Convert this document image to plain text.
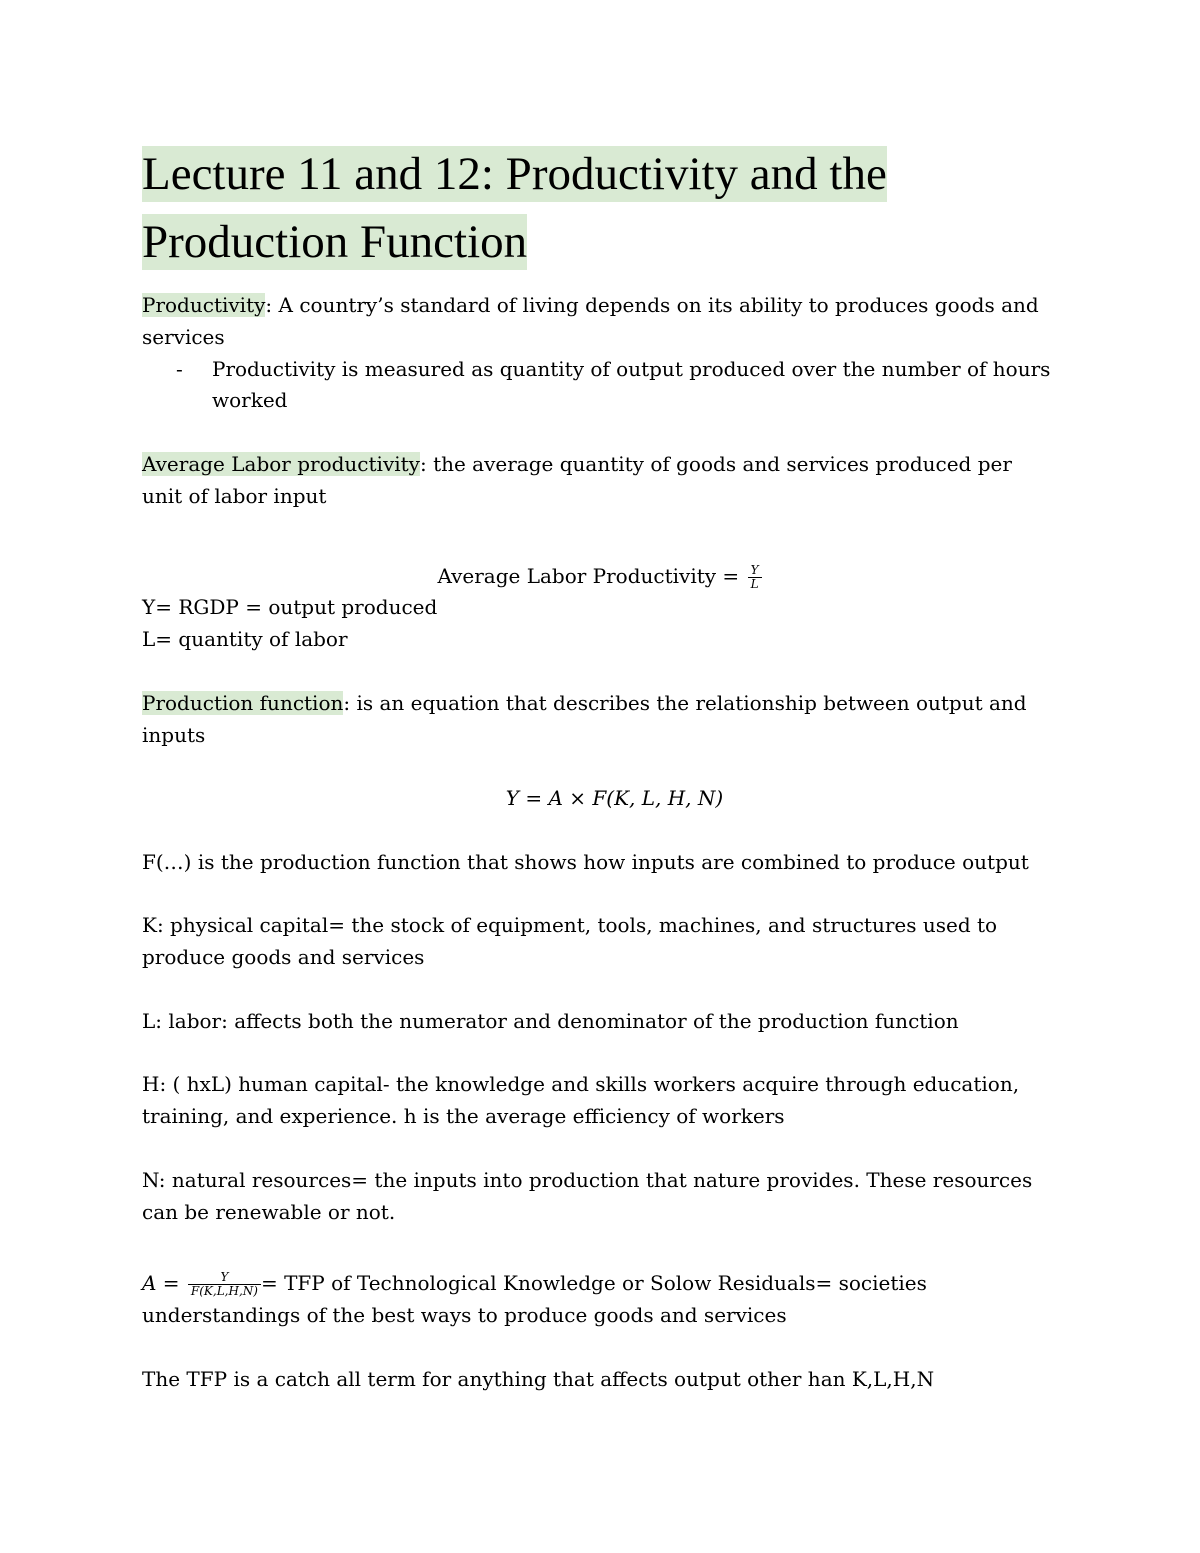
Lecture 11 and 12: Productivity and the
Production Function

Productivity: A country’s standard of living depends on its ability to produces goods and services

-	Productivity is measured as quantity of output produced over the number of hours worked

Average Labor productivity: the average quantity of goods and services produced per unit of labor input

Average Labor Productivity = $\frac{Y}{L}$

Y= RGDP = output produced

L= quantity of labor

Production function: is an equation that describes the relationship between output and inputs

Y = A × F(K, L, H, N)

F(…) is the production function that shows how inputs are combined to produce output

K: physical capital= the stock of equipment, tools, machines, and structures used to produce goods and services

L: labor: affects both the numerator and denominator of the production function

H: ( hxL) human capital- the knowledge and skills workers acquire through education, training, and experience. h is the average efficiency of workers

N: natural resources= the inputs into production that nature provides. These resources can be renewable or not.

$A = \frac{Y}{F(K,L,H,N)}$ = TFP of Technological Knowledge or Solow Residuals= societies understandings of the best ways to produce goods and services

The TFP is a catch all term for anything that affects output other han K,L,H,N
